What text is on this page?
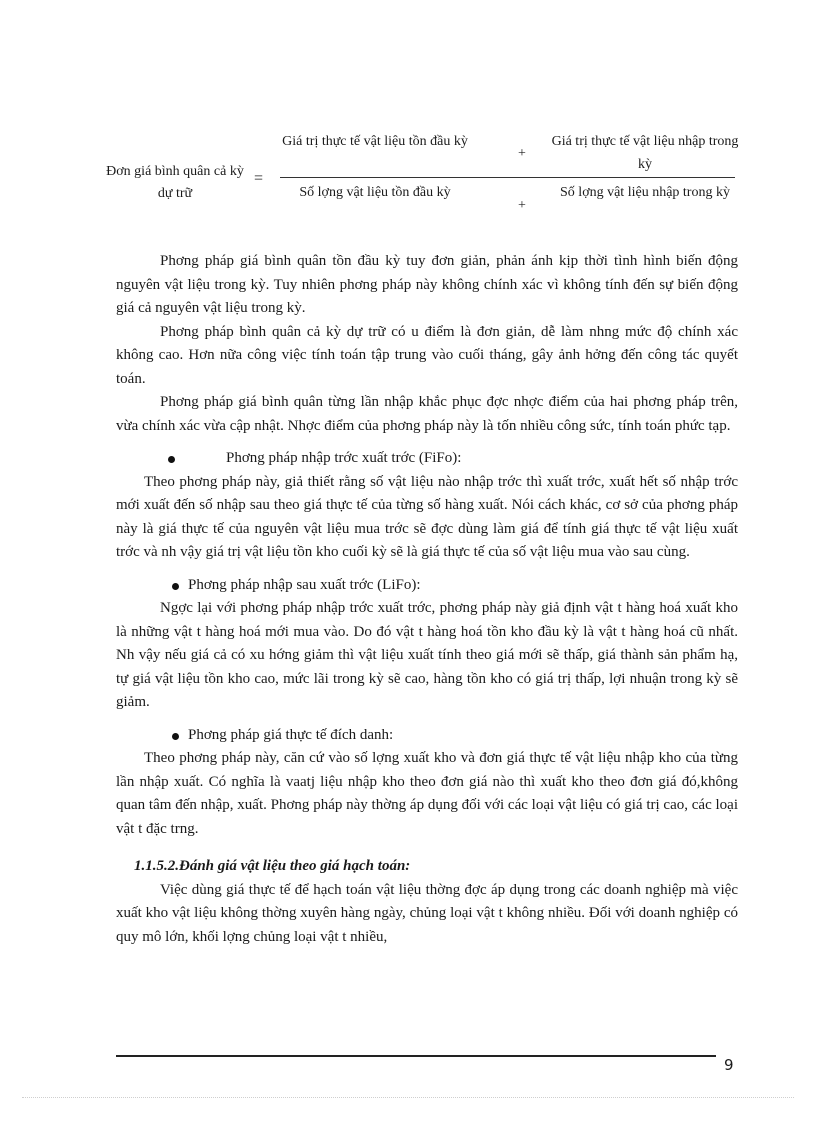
Đơn giá bình quân cả kỳ dự trữ
=
Giá trị thực tế vật liệu tồn đầu kỳ
+
Giá trị thực tế vật liệu nhập trong kỳ
Số lợng vật liệu tồn đầu kỳ
+
Số lợng vật liệu nhập trong kỳ

Phơng pháp giá bình quân tồn đầu kỳ tuy đơn giản, phản ánh kịp thời tình hình biến động nguyên vật liệu trong kỳ. Tuy nhiên phơng pháp này không chính xác vì không tính đến sự biến động giá cả nguyên vật liệu trong kỳ.

Phơng pháp bình quân cả kỳ dự trữ có u điểm là đơn giản, dễ làm nhng mức độ chính xác không cao. Hơn nữa công việc tính toán tập trung vào cuối tháng, gây ảnh hởng đến công tác quyết toán.

Phơng pháp giá bình quân từng lần nhập khắc phục đợc nhợc điểm của hai phơng pháp trên, vừa chính xác vừa cập nhật. Nhợc điểm của phơng pháp này là tốn nhiều công sức, tính toán phức tạp.

Phơng pháp nhập trớc xuất trớc (FiFo):

Theo phơng pháp này, giả thiết rằng số vật liệu nào nhập trớc thì xuất trớc, xuất hết số nhập trớc mới xuất đến số nhập sau theo giá thực tế của từng số hàng xuất. Nói cách khác, cơ sở của phơng pháp này là giá thực tế của nguyên vật liệu mua trớc sẽ đợc dùng làm giá để tính giá thực tế vật liệu xuất trớc và nh vậy giá trị vật liệu tồn kho cuối kỳ sẽ là giá thực tế của số vật liệu mua vào sau cùng.

Phơng pháp nhập sau xuất trớc (LiFo):

Ngợc lại với phơng pháp nhập trớc xuất trớc, phơng pháp này giả định vật t hàng hoá xuất kho là những vật t hàng hoá mới mua vào. Do đó vật t hàng hoá tồn kho đầu kỳ là vật t hàng hoá cũ nhất. Nh vậy nếu giá cả có xu hớng giảm thì vật liệu xuất tính theo giá mới sẽ thấp, giá thành sản phẩm hạ, tự giá vật liệu tồn kho cao, mức lãi trong kỳ sẽ cao, hàng tồn kho có giá trị thấp, lợi nhuận trong kỳ sẽ giảm.

Phơng pháp giá thực tế đích danh:

Theo phơng pháp này, căn cứ vào số lợng xuất kho và đơn giá thực tế vật liệu nhập kho của từng lần nhập xuất. Có nghĩa là vaatj liệu nhập kho theo đơn giá nào thì xuất kho theo đơn giá đó,không quan tâm đến nhập, xuất. Phơng pháp này thờng áp dụng đối với các loại vật liệu có giá trị cao, các loại vật t đặc trng.

1.1.5.2.Đánh giá vật liệu theo giá hạch toán:

Việc dùng giá thực tế để hạch toán vật liệu thờng đợc áp dụng trong các doanh nghiệp mà việc xuất kho vật liệu không thờng xuyên hàng ngày, chủng loại vật t không nhiều. Đối với doanh nghiệp có quy mô lớn, khối lợng chủng loại vật t nhiều,

9
